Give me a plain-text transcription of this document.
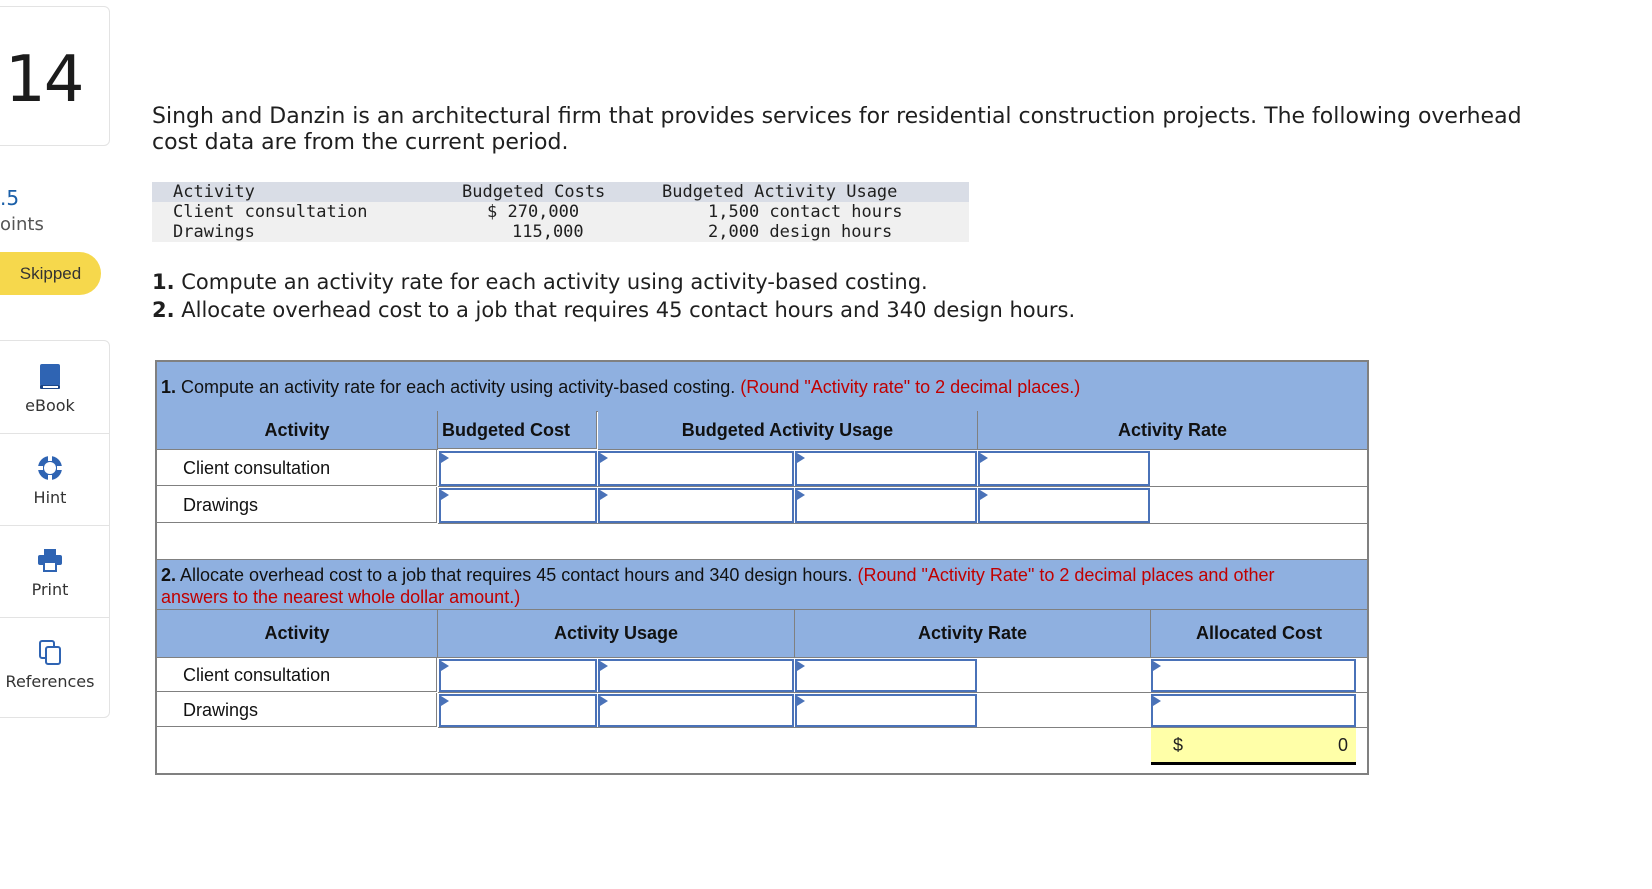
14
.5
oints
Skipped
eBook
Hint
Print
References
Singh and Danzin is an architectural firm that provides services for residential construction projects. The following overhead cost data are from the current period.
Activity	Budgeted Costs	Budgeted Activity Usage
Client consultation	$ 270,000	1,500 contact hours
Drawings	115,000	2,000 design hours
1. Compute an activity rate for each activity using activity-based costing.
2. Allocate overhead cost to a job that requires 45 contact hours and 340 design hours.
1. Compute an activity rate for each activity using activity-based costing. (Round "Activity rate" to 2 decimal places.)
Activity	Budgeted Cost	Budgeted Activity Usage	Activity Rate
Client consultation
Drawings
2. Allocate overhead cost to a job that requires 45 contact hours and 340 design hours. (Round "Activity Rate" to 2 decimal places and other answers to the nearest whole dollar amount.)
Activity	Activity Usage	Activity Rate	Allocated Cost
Client consultation
Drawings
$	0
